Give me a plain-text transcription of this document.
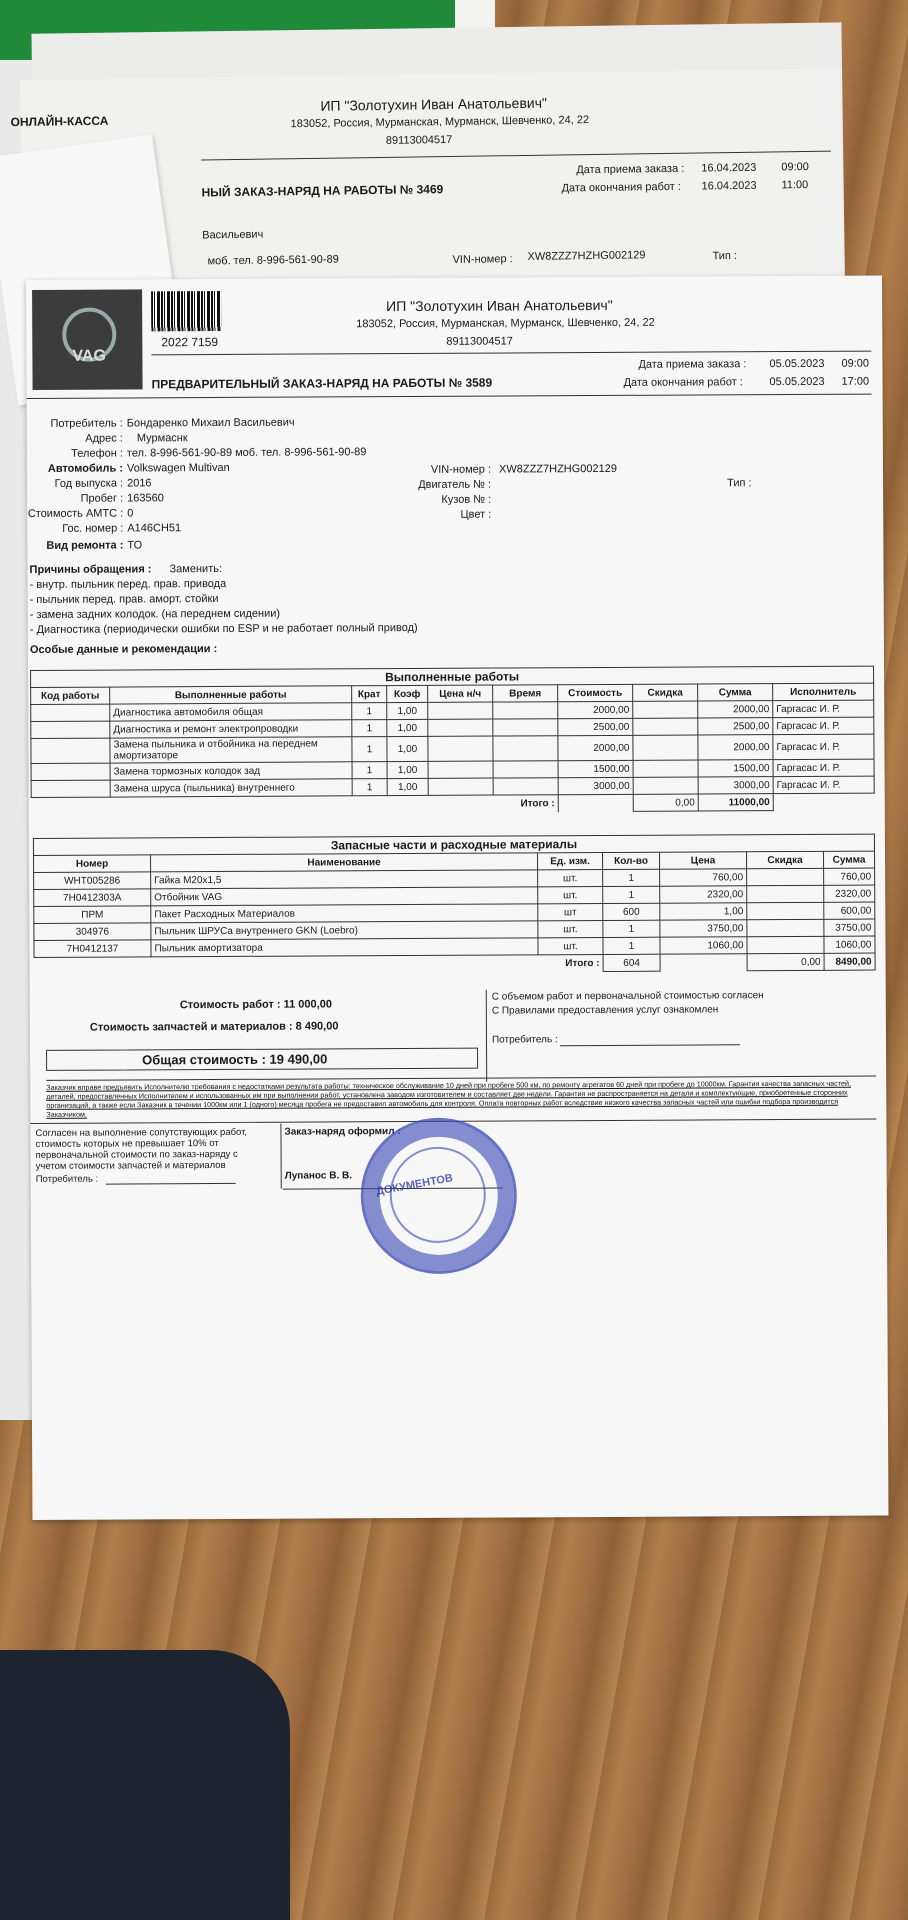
ОНЛАЙН-КАССА
ИП "Золотухин Иван Анатольевич"
183052, Россия, Мурманская, Мурманск, Шевченко, 24, 22
89113004517
НЫЙ ЗАКАЗ-НАРЯД НА РАБОТЫ № 3469
Дата приема заказа : 16.04.2023 09:00
Дата окончания работ : 16.04.2023 11:00
Васильевич
моб. тел. 8-996-561-90-89	VIN-номер : XW8ZZZ7HZHG002129	Тип :
VAG
2022 7159
ИП "Золотухин Иван Анатольевич"
183052, Россия, Мурманская, Мурманск, Шевченко, 24, 22
89113004517
ПРЕДВАРИТЕЛЬНЫЙ ЗАКАЗ-НАРЯД НА РАБОТЫ № 3589
Дата приема заказа : 05.05.2023 09:00
Дата окончания работ : 05.05.2023 17:00
Потребитель : Бондаренко Михаил Васильевич
Адрес : Мурмаснк
Телефон : тел. 8-996-561-90-89 моб. тел. 8-996-561-90-89
Автомобиль : Volkswagen Multivan
Год выпуска : 2016
Пробег : 163560
Стоимость АМТС : 0
Гос. номер : А146СН51
Вид ремонта : ТО
VIN-номер : XW8ZZZ7HZHG002129
Двигатель № :	Тип :
Кузов № :
Цвет :
Причины обращения : Заменить:
- внутр. пыльник перед. прав. привода
- пыльник перед. прав. аморт. стойки
- замена задних колодок. (на переднем сидении)
- Диагностика (периодически ошибки по ESP и не работает полный привод)
Особые данные и рекомендации :
Выполненные работы									
Код работы	Выполненные работы	Крат	Коэф	Цена н/ч	Время	Стоимость	Скидка	Сумма	Исполнитель
	Диагностика автомобиля общая	1	1,00			2000,00		2000,00	Гаргасас И. Р.
	Диагностика и ремонт электропроводки	1	1,00			2500,00		2500,00	Гаргасас И. Р.
	Замена пыльника и отбойника на переднем амортизаторе	1	1,00			2000,00		2000,00	Гаргасас И. Р.
	Замена тормозных колодок зад	1	1,00			1500,00		1500,00	Гаргасас И. Р.
	Замена шруса (пыльника) внутреннего	1	1,00			3000,00		3000,00	Гаргасас И. Р.
Итого :							0,00	11000,00	
Запасные части и расходные материалы						
Номер	Наименование	Ед. изм.	Кол-во	Цена	Скидка	Сумма
WHT005286	Гайка M20x1,5	шт.	1	760,00		760,00
7H0412303A	Отбойник VAG	шт.	1	2320,00		2320,00
ПРМ	Пакет Расходных Материалов	шт	600	1,00		600,00
304976	Пыльник ШРУСа внутреннего GKN (Loebro)	шт.	1	3750,00		3750,00
7H0412137	Пыльник амортизатора	шт.	1	1060,00		1060,00
Итого :			604		0,00	8490,00
Стоимость работ : 11 000,00
Стоимость запчастей и материалов : 8 490,00
Общая стоимость : 19 490,00
С объемом работ и первоначальной стоимостью согласен
С Правилами предоставления услуг ознакомлен
Потребитель :
Заказчик вправе предъявить Исполнителю требования с недостатками результата работы: техническое обслуживание 10 дней при пробеге 500 км, по ремонту агрегатов 60 дней при пробеге до 10000км. Гарантия качества запасных частей, деталей, предоставленных Исполнителем и использованных им при выполнении работ, установлена заводом изготовителем и составляет две недели. Гарантия не распространяется на детали и комплектующие, приобретенные сторонних организаций, а также если Заказчик в течении 1000км или 1 (одного) месяца пробега не предоставил автомобиль для контроля. Оплата повторных работ вследствие низкого качества запасных частей или ошибки подбора производится Заказчиком.
Согласен на выполнение сопутствующих работ, стоимость которых не превышает 10% от первоначальной стоимости по заказ-наряду с учетом стоимости запчастей и материалов
Потребитель :
Заказ-наряд оформил :
Лупанос В. В. ДОКУМЕНТОВ
